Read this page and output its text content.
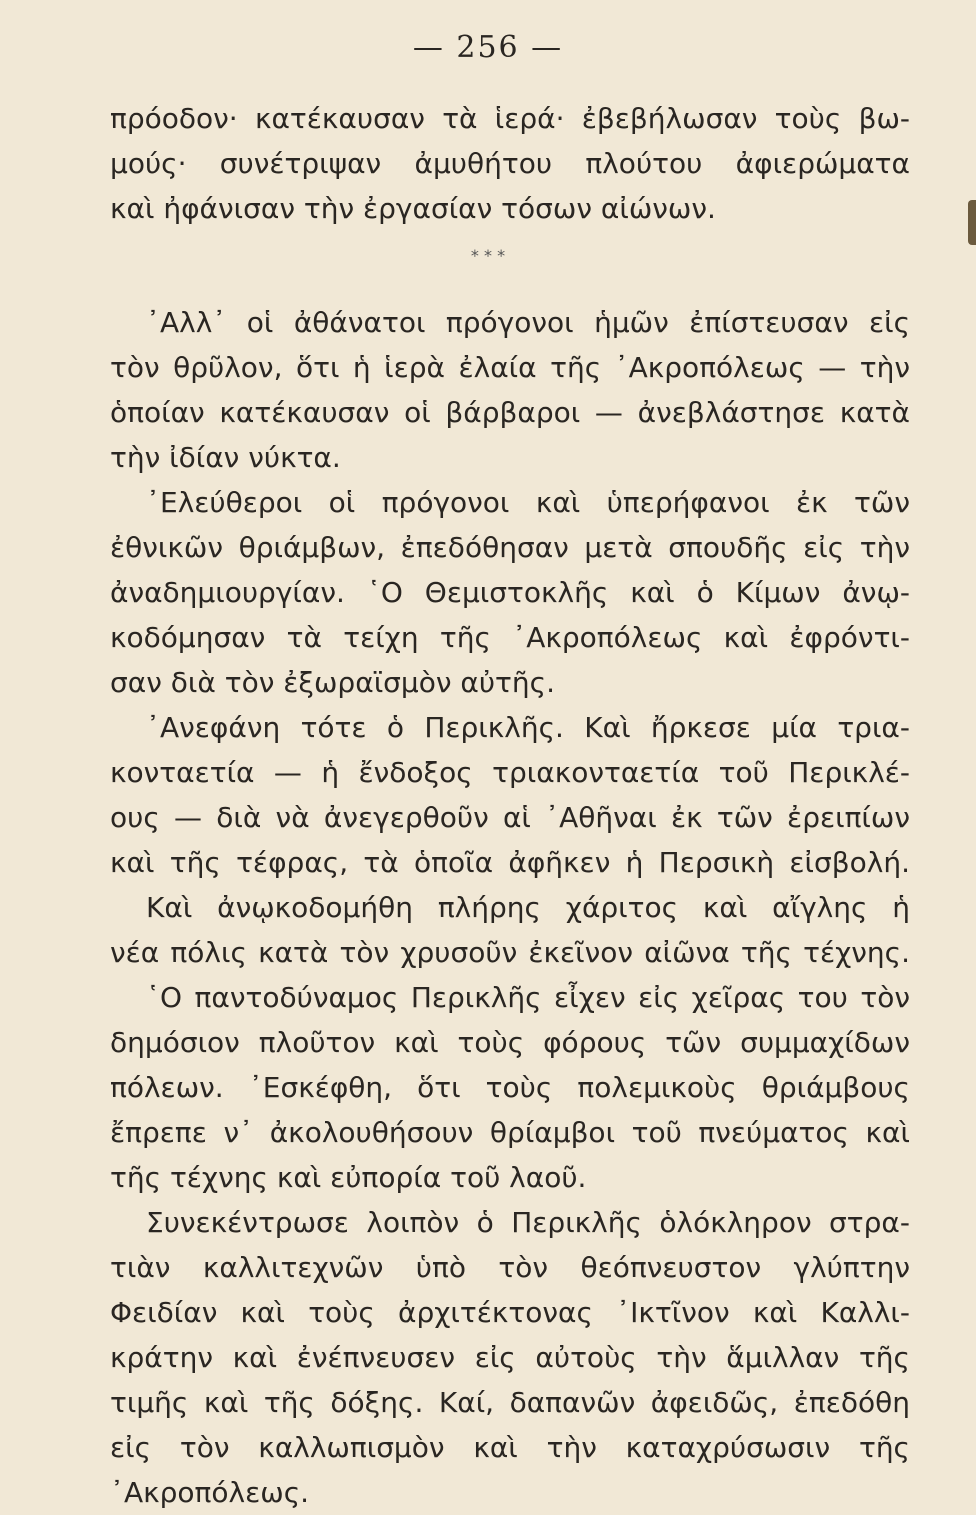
— 256 —
πρόοδον· κατέκαυσαν τὰ ἱερά· ἐβεβήλωσαν τοὺς βω-
μούς· συνέτριψαν ἀμυθήτου πλούτου ἀφιερώματα
καὶ ἠφάνισαν τὴν ἐργασίαν τόσων αἰώνων.
* * *
᾿Αλλ᾿ οἱ ἀθάνατοι πρόγονοι ἡμῶν ἐπίστευσαν εἰς
τὸν θρῦλον, ὅτι ἡ ἱερὰ ἐλαία τῆς ᾿Ακροπόλεως — τὴν
ὁποίαν κατέκαυσαν οἱ βάρβαροι — ἀνεβλάστησε κατὰ
τὴν ἰδίαν νύκτα.
᾿Ελεύθεροι οἱ πρόγονοι καὶ ὑπερήφανοι ἐκ τῶν
ἐθνικῶν θριάμβων, ἐπεδόθησαν μετὰ σπουδῆς εἰς τὴν
ἀναδημιουργίαν. ῾Ο Θεμιστοκλῆς καὶ ὁ Κίμων ἀνῳ-
κοδόμησαν τὰ τείχη τῆς ᾿Ακροπόλεως καὶ ἐφρόντι-
σαν διὰ τὸν ἐξωραϊσμὸν αὐτῆς.
᾿Ανεφάνη τότε ὁ Περικλῆς. Καὶ ἤρκεσε μία τρια-
κονταετία — ἡ ἔνδοξος τριακονταετία τοῦ Περικλέ-
ους — διὰ νὰ ἀνεγερθοῦν αἱ ᾿Αθῆναι ἐκ τῶν ἐρειπίων
καὶ τῆς τέφρας, τὰ ὁποῖα ἀφῆκεν ἡ Περσικὴ εἰσβολή.
Καὶ ἀνῳκοδομήθη πλήρης χάριτος καὶ αἴγλης ἡ
νέα πόλις κατὰ τὸν χρυσοῦν ἐκεῖνον αἰῶνα τῆς τέχνης.
῾Ο παντοδύναμος Περικλῆς εἶχεν εἰς χεῖρας του τὸν
δημόσιον πλοῦτον καὶ τοὺς φόρους τῶν συμμαχίδων
πόλεων. ᾿Εσκέφθη, ὅτι τοὺς πολεμικοὺς θριάμβους
ἔπρεπε ν᾿ ἀκολουθήσουν θρίαμβοι τοῦ πνεύματος καὶ
τῆς τέχνης καὶ εὐπορία τοῦ λαοῦ.
Συνεκέντρωσε λοιπὸν ὁ Περικλῆς ὁλόκληρον στρα-
τιὰν καλλιτεχνῶν ὑπὸ τὸν θεόπνευστον γλύπτην
Φειδίαν καὶ τοὺς ἀρχιτέκτονας ᾿Ικτῖνον καὶ Καλλι-
κράτην καὶ ἐνέπνευσεν εἰς αὐτοὺς τὴν ἅμιλλαν τῆς
τιμῆς καὶ τῆς δόξης. Καί, δαπανῶν ἀφειδῶς, ἐπεδόθη
εἰς τὸν καλλωπισμὸν καὶ τὴν καταχρύσωσιν τῆς
᾿Ακροπόλεως.
